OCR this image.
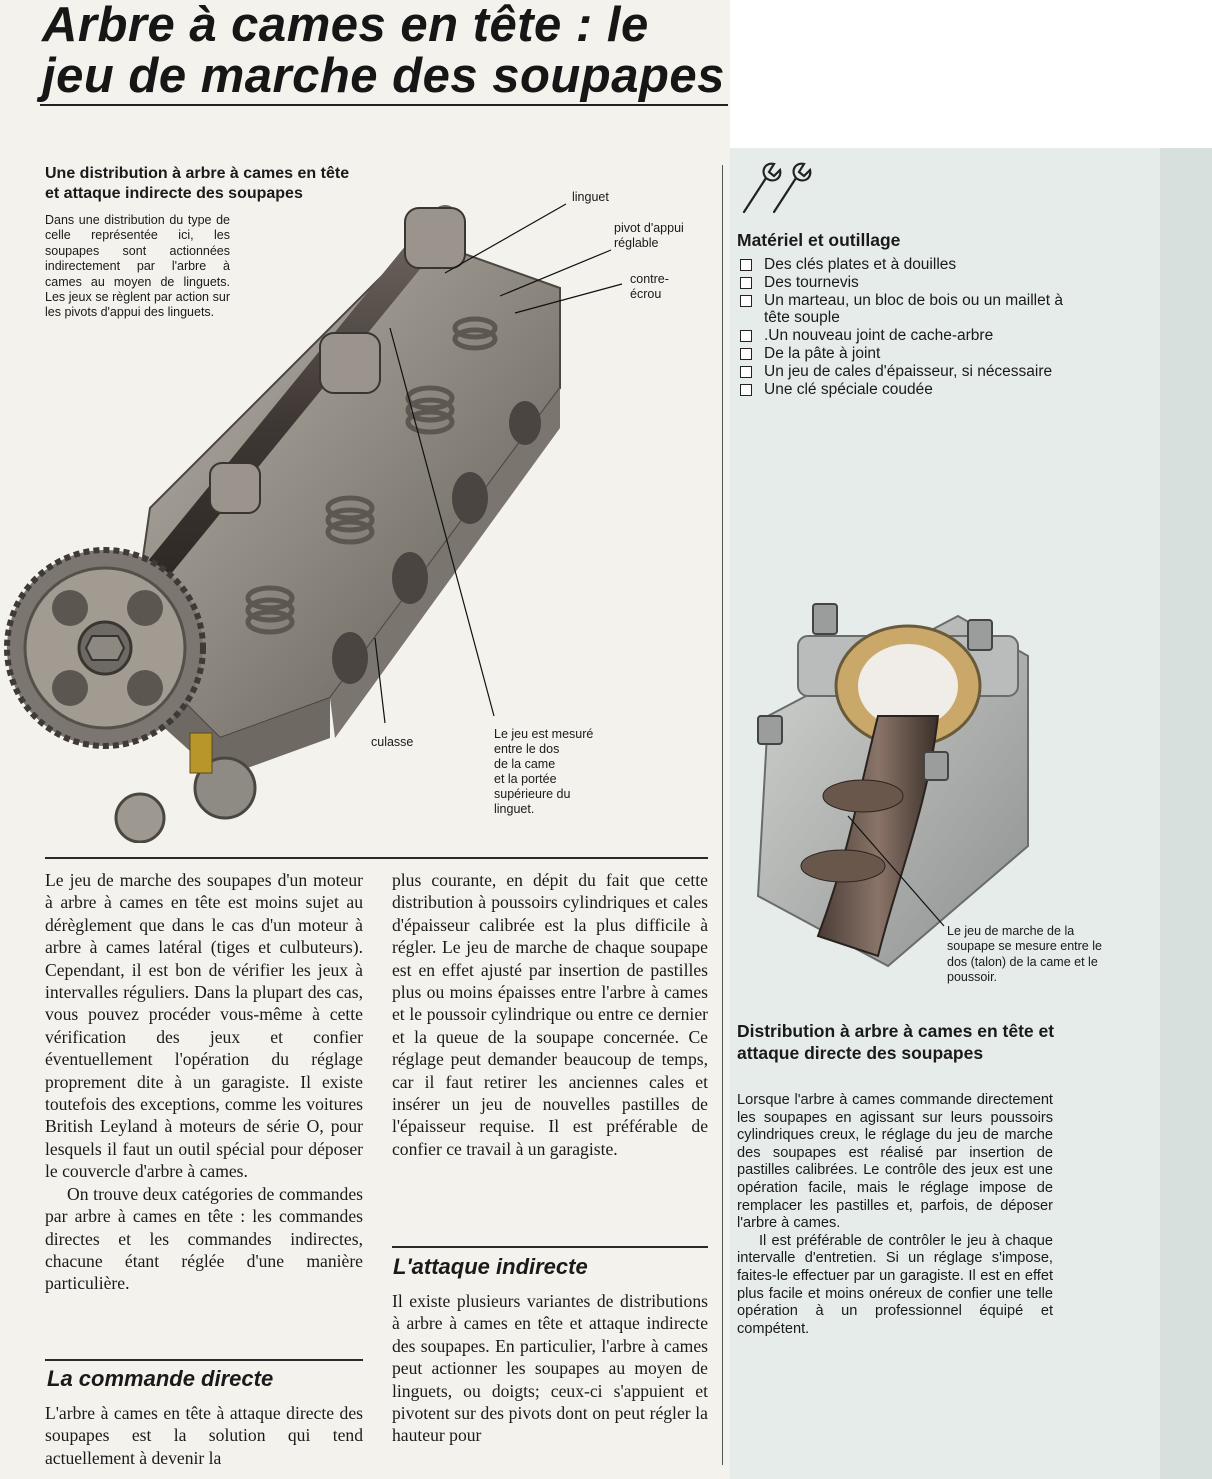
Arbre à cames en tête : le
jeu de marche des soupapes
Une distribution à arbre à cames en tête
et attaque indirecte des soupapes

Dans une distribution du type de celle représentée ici, les soupapes sont actionnées indirectement par l'arbre à cames au moyen de linguets. Les jeux se règlent par action sur les pivots d'appui des linguets.

linguet

pivot d'appui
réglable

contre-
écrou

culasse

Le jeu est mesuré
entre le dos
de la came
et la portée
supérieure du
linguet.

Le jeu de marche des soupapes d'un moteur à arbre à cames en tête est moins sujet au dérèglement que dans le cas d'un moteur à arbre à cames latéral (tiges et culbuteurs). Cependant, il est bon de vérifier les jeux à intervalles réguliers. Dans la plupart des cas, vous pouvez procéder vous-même à cette vérification des jeux et confier éventuellement l'opération du réglage proprement dite à un garagiste. Il existe toutefois des exceptions, comme les voitures British Leyland à moteurs de série O, pour lesquels il faut un outil spécial pour déposer le couvercle d'arbre à cames.

On trouve deux catégories de commandes par arbre à cames en tête : les commandes directes et les commandes indirectes, chacune étant réglée d'une manière particulière.

La commande directe

L'arbre à cames en tête à attaque directe des soupapes est la solution qui tend actuellement à devenir la

plus courante, en dépit du fait que cette distribution à poussoirs cylindriques et cales d'épaisseur calibrée est la plus difficile à régler. Le jeu de marche de chaque soupape est en effet ajusté par insertion de pastilles plus ou moins épaisses entre l'arbre à cames et le poussoir cylindrique ou entre ce dernier et la queue de la soupape concernée. Ce réglage peut demander beaucoup de temps, car il faut retirer les anciennes cales et insérer un jeu de nouvelles pastilles de l'épaisseur requise. Il est préférable de confier ce travail à un garagiste.

L'attaque indirecte

Il existe plusieurs variantes de distributions à arbre à cames en tête et attaque indirecte des soupapes. En particulier, l'arbre à cames peut actionner les soupapes au moyen de linguets, ou doigts; ceux-ci s'appuient et pivotent sur des pivots dont on peut régler la hauteur pour

Matériel et outillage
Des clés plates et à douilles
Des tournevis
Un marteau, un bloc de bois ou un maillet à tête souple
.Un nouveau joint de cache-arbre
De la pâte à joint
Un jeu de cales d'épaisseur, si nécessaire
Une clé spéciale coudée

Le jeu de marche de la soupape se mesure entre le dos (talon) de la came et le poussoir.

Distribution à arbre à cames en tête et attaque directe des soupapes

Lorsque l'arbre à cames commande directement les soupapes en agissant sur leurs poussoirs cylindriques creux, le réglage du jeu de marche des soupapes est réalisé par insertion de pastilles calibrées. Le contrôle des jeux est une opération facile, mais le réglage impose de remplacer les pastilles et, parfois, de déposer l'arbre à cames.

Il est préférable de contrôler le jeu à chaque intervalle d'entretien. Si un réglage s'impose, faites-le effectuer par un garagiste. Il est en effet plus facile et moins onéreux de confier une telle opération à un professionnel équipé et compétent.
